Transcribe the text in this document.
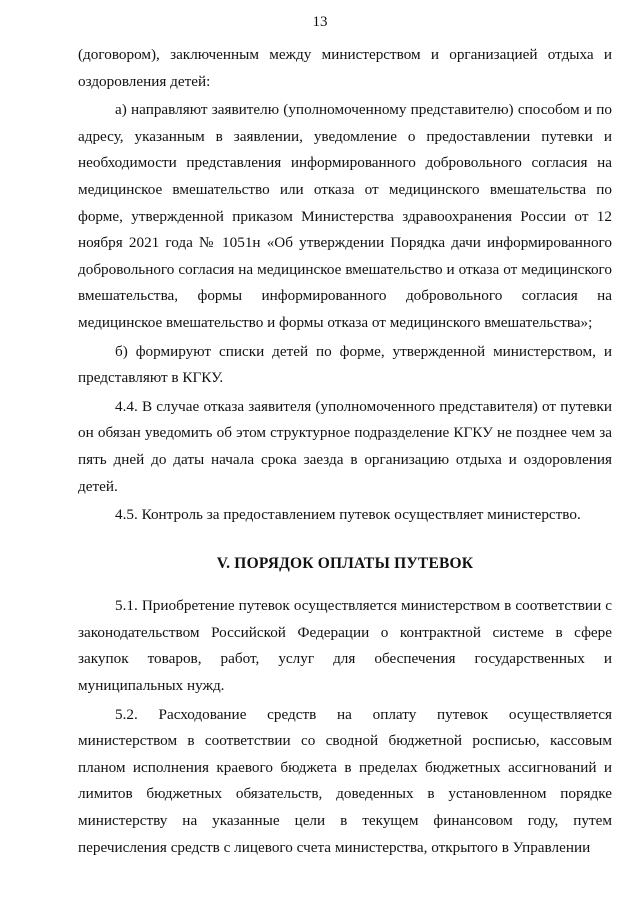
13

(договором), заключенным между министерством и организацией отдыха и оздоровления детей:

а) направляют заявителю (уполномоченному представителю) способом и по адресу, указанным в заявлении, уведомление о предоставлении путевки и необходимости представления информированного добровольного согласия на медицинское вмешательство или отказа от медицинского вмешательства по форме, утвержденной приказом Министерства здравоохранения России от 12 ноября 2021 года № 1051н «Об утверждении Порядка дачи информированного добровольного согласия на медицинское вмешательство и отказа от медицинского вмешательства, формы информированного добровольного согласия на медицинское вмешательство и формы отказа от медицинского вмешательства»;

б) формируют списки детей по форме, утвержденной министерством, и представляют в КГКУ.

4.4. В случае отказа заявителя (уполномоченного представителя) от путевки он обязан уведомить об этом структурное подразделение КГКУ не позднее чем за пять дней до даты начала срока заезда в организацию отдыха и оздоровления детей.

4.5. Контроль за предоставлением путевок осуществляет министерство.

V. ПОРЯДОК ОПЛАТЫ ПУТЕВОК

5.1. Приобретение путевок осуществляется министерством в соответствии с законодательством Российской Федерации о контрактной системе в сфере закупок товаров, работ, услуг для обеспечения государственных и муниципальных нужд.

5.2. Расходование средств на оплату путевок осуществляется министерством в соответствии со сводной бюджетной росписью, кассовым планом исполнения краевого бюджета в пределах бюджетных ассигнований и лимитов бюджетных обязательств, доведенных в установленном порядке министерству на указанные цели в текущем финансовом году, путем перечисления средств с лицевого счета министерства, открытого в Управлении
